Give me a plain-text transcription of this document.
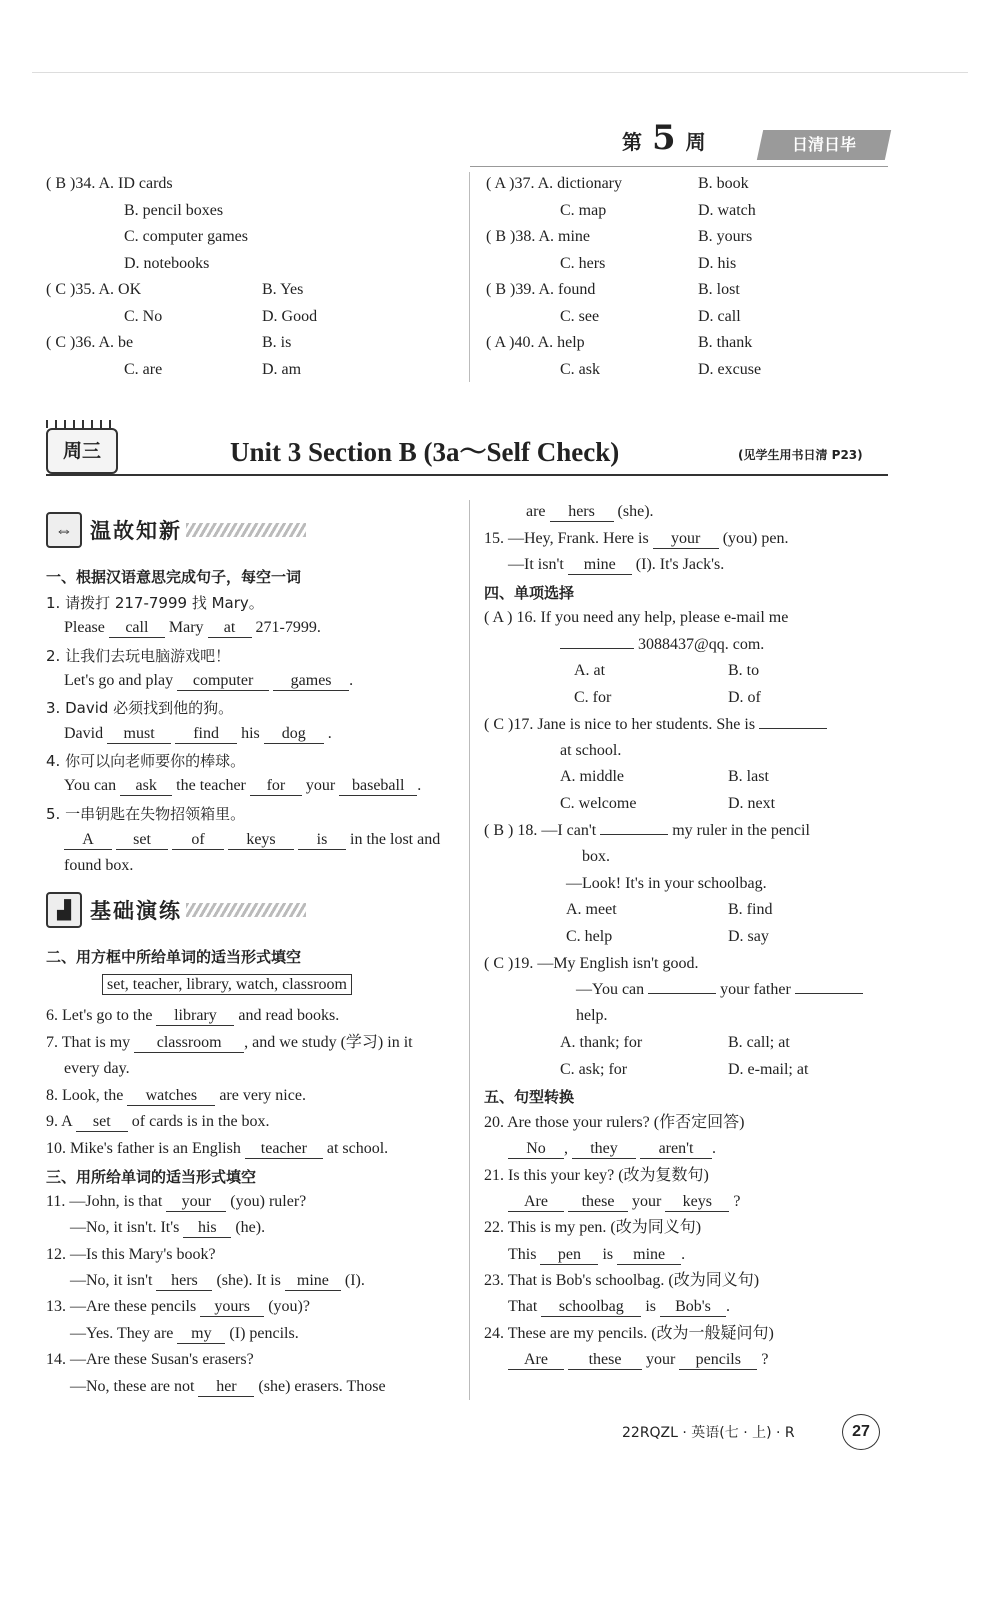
第 5 周	日清日毕
( B )34. A. ID cards
B. pencil boxes
C. computer games
D. notebooks
( C )35. A. OK	B. Yes
C. No	D. Good
( C )36. A. be	B. is
C. are	D. am
( A )37. A. dictionary	B. book
C. map	D. watch
( B )38. A. mine	B. yours
C. hers	D. his
( B )39. A. found	B. lost
C. see	D. call
( A )40. A. help	B. thank
C. ask	D. excuse
周三	Unit 3 Section B (3a～Self Check)	(见学生用书日清 P23)
⇔ 温故知新
一、根据汉语意思完成句子，每空一词
1. 请拨打 217-7999 找 Mary。
Please call Mary at 271-7999.
2. 让我们去玩电脑游戏吧！
Let's go and play computer games .
3. David 必须找到他的狗。
David must find his dog .
4. 你可以向老师要你的棒球。
You can ask the teacher for your baseball .
5. 一串钥匙在失物招领箱里。
A set	of	keys	is in the lost and
found box.
▟ 基础演练
二、用方框中所给单词的适当形式填空
set, teacher, library, watch, classroom
6. Let's go to the library and read books.
7. That is my classroom , and we study (学习) in it
every day.
8. Look, the watches are very nice.
9. A set of cards is in the box.
10. Mike's father is an English teacher at school.
三、用所给单词的适当形式填空
11. —John, is that your (you) ruler?
—No, it isn't. It's his (he).
12. —Is this Mary's book?
—No, it isn't hers (she). It is mine (I).
13. —Are these pencils yours (you)?
—Yes. They are my (I) pencils.
14. —Are these Susan's erasers?
—No, these are not her (she) erasers. Those
are hers (she).
15. —Hey, Frank. Here is your (you) pen.
—It isn't mine (I). It's Jack's.
四、单项选择
( A ) 16. If you need any help, please e-mail me
3088437@qq. com.
A. at	B. to
C. for	D. of
( C )17. Jane is nice to her students. She is
at school.
A. middle	B. last
C. welcome	D. next
( B ) 18. —I can't	my ruler in the pencil
box.
—Look! It's in your schoolbag.
A. meet	B. find
C. help	D. say
( C )19. —My English isn't good.
—You can	your father
help.
A. thank; for	B. call; at
C. ask; for	D. e-mail; at
五、句型转换
20. Are those your rulers? (作否定回答)
No , they	aren't .
21. Is this your key? (改为复数句)
Are these your keys ?
22. This is my pen. (改为同义句)
This pen is mine .
23. That is Bob's schoolbag. (改为同义句)
That schoolbag is Bob's .
24. These are my pencils. (改为一般疑问句)
Are	these your pencils ?
22RQZL · 英语(七 · 上) · R	27
